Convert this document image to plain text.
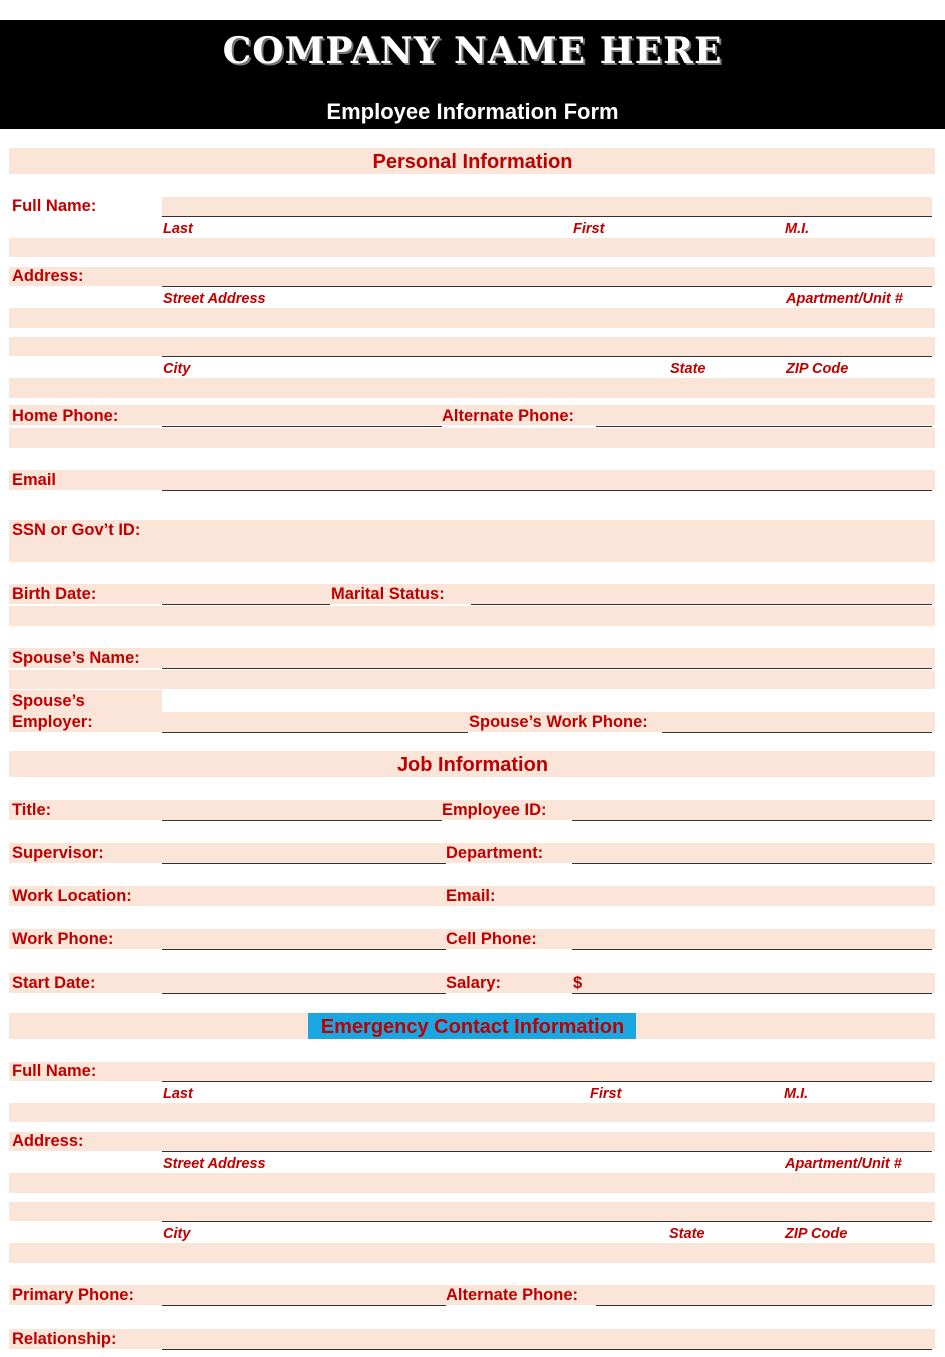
COMPANY NAME HERE
Employee Information Form
Personal Information
Full Name:
Last	First	M.I.
Address:
Street Address	Apartment/Unit #
City	State	ZIP Code
Home Phone:	Alternate Phone:
Email
SSN or Gov’t ID:
Birth Date:	Marital Status:
Spouse’s Name:
Spouse’s
Employer:	Spouse’s Work Phone:
Job Information
Title:	Employee ID:
Supervisor:	Department:
Work Location:	Email:
Work Phone:	Cell Phone:
Start Date:	Salary:	$
Emergency Contact Information
Full Name:
Last	First	M.I.
Address:
Street Address	Apartment/Unit #
City	State	ZIP Code
Primary Phone:	Alternate Phone:
Relationship:
